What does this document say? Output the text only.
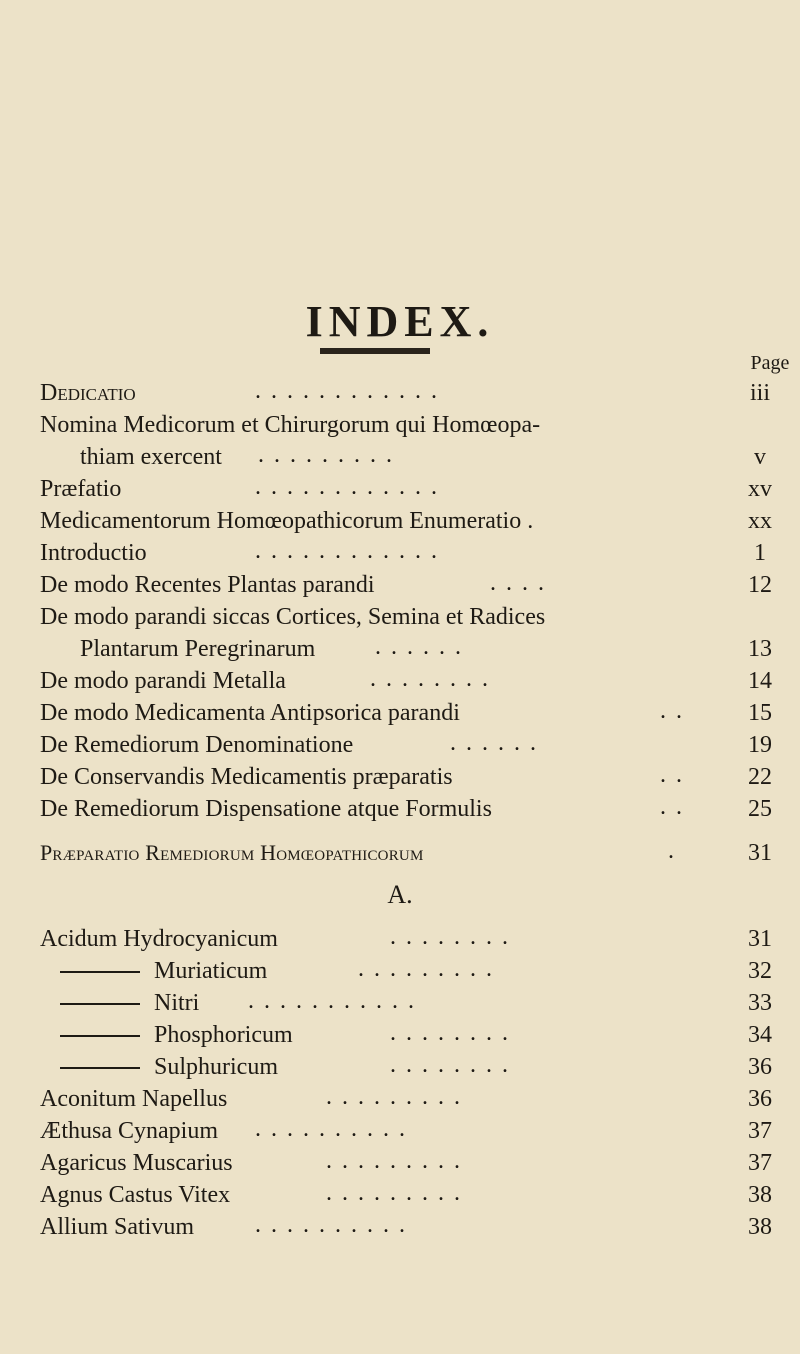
INDEX.
Page
Dedicatio	. . . . . . . . . . . .	iii
Nomina Medicorum et Chirurgorum qui Homœopa-
thiam exercent . . . . . . . . .	v
Præfatio	. . . . . . . . . . . .	xv
Medicamentorum Homœopathicorum Enumeratio .	xx
Introductio	. . . . . . . . . . . .	1
De modo Recentes Plantas parandi	. . . .	12
De modo parandi siccas Cortices, Semina et Radices
Plantarum Peregrinarum . . . . . .	13
De modo parandi Metalla	. . . . . . . .	14
De modo Medicamenta Antipsorica parandi	. .	15
De Remediorum Denominatione	. . . . . .	19
De Conservandis Medicamentis præparatis	. .	22
De Remediorum Dispensatione atque Formulis	. .	25
Præparatio Remediorum Homœopathicorum	.	31
A.
Acidum Hydrocyanicum	. . . . . . . .	31
Muriaticum	. . . . . . . . .	32
Nitri . . . . . . . . . . .	33
Phosphoricum	. . . . . . . .	34
Sulphuricum	. . . . . . . .	36
Aconitum Napellus	. . . . . . . . .	36
Æthusa Cynapium . . . . . . . . . .	37
Agaricus Muscarius	. . . . . . . . .	37
Agnus Castus Vitex	. . . . . . . . .	38
Allium Sativum	. . . . . . . . . .	38
